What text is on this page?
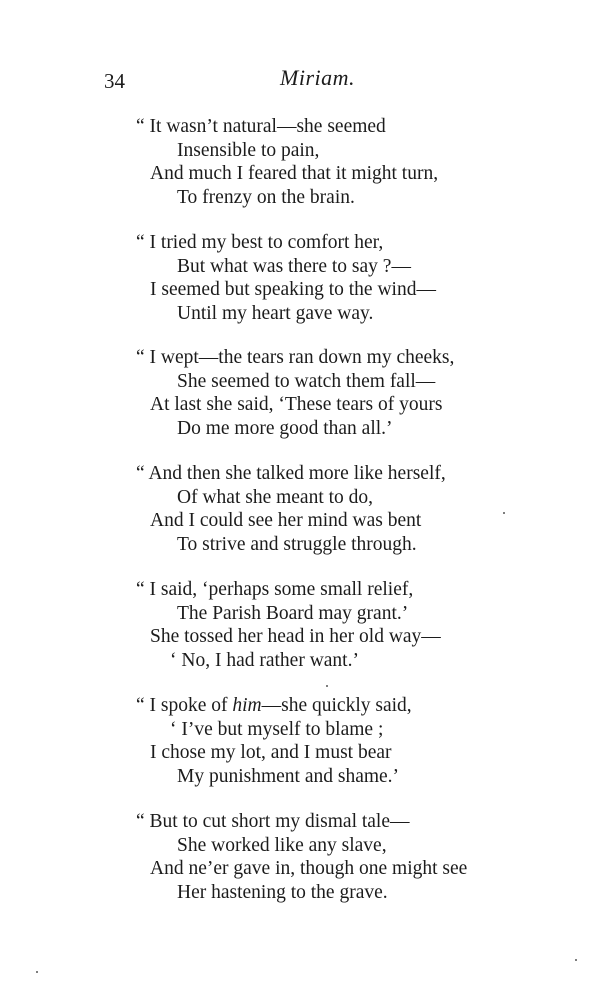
34	Miriam.
“ It wasn’t natural—she seemed
Insensible to pain,
And much I feared that it might turn,
To frenzy on the brain.
“ I tried my best to comfort her,
But what was there to say ?—
I seemed but speaking to the wind—
Until my heart gave way.
“ I wept—the tears ran down my cheeks,
She seemed to watch them fall—
At last she said, ‘These tears of yours
Do me more good than all.’
“ And then she talked more like herself,
Of what she meant to do,
And I could see her mind was bent
To strive and struggle through.
“ I said, ‘perhaps some small relief,
The Parish Board may grant.’
She tossed her head in her old way—
‘ No, I had rather want.’
“ I spoke of him—she quickly said,
‘ I’ve but myself to blame ;
I chose my lot, and I must bear
My punishment and shame.’
“ But to cut short my dismal tale—
She worked like any slave,
And ne’er gave in, though one might see
Her hastening to the grave.
